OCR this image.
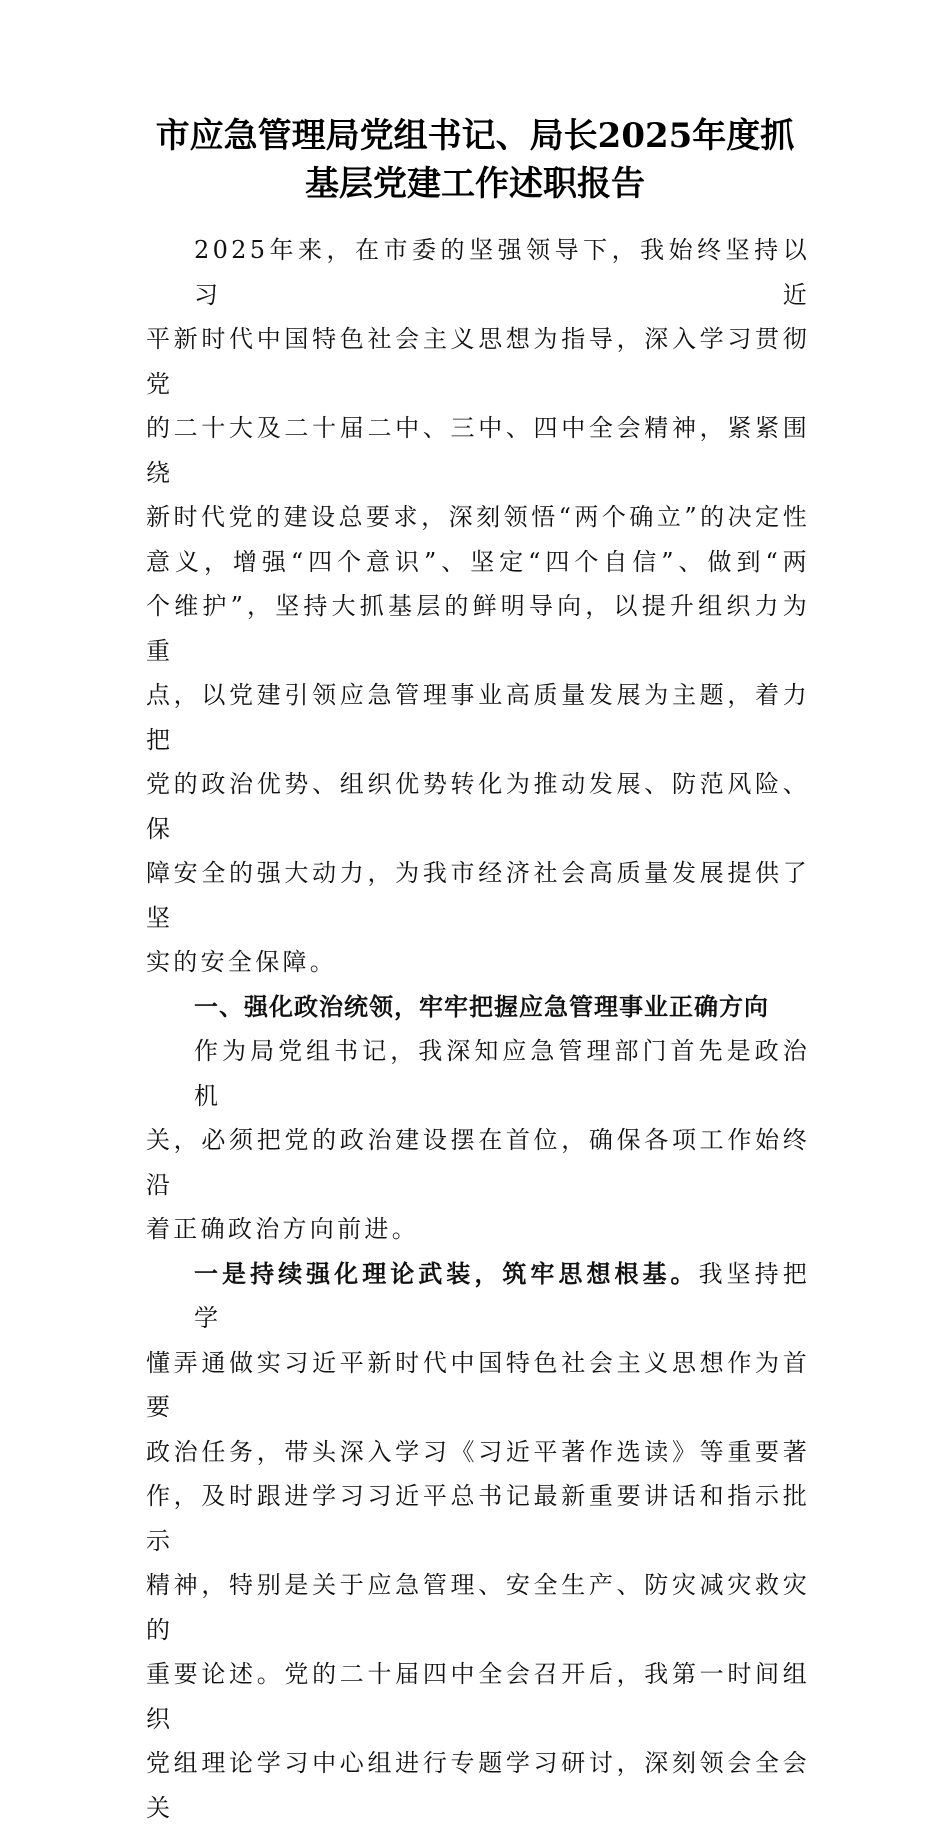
市应急管理局党组书记、局长2025年度抓
基层党建工作述职报告
2025年来，在市委的坚强领导下，我始终坚持以习近
平新时代中国特色社会主义思想为指导，深入学习贯彻党
的二十大及二十届二中、三中、四中全会精神，紧紧围绕
新时代党的建设总要求，深刻领悟“两个确立”的决定性
意义，增强“四个意识”、坚定“四个自信”、做到“两
个维护”，坚持大抓基层的鲜明导向，以提升组织力为重
点，以党建引领应急管理事业高质量发展为主题，着力把
党的政治优势、组织优势转化为推动发展、防范风险、保
障安全的强大动力，为我市经济社会高质量发展提供了坚
实的安全保障。
一、强化政治统领，牢牢把握应急管理事业正确方向
作为局党组书记，我深知应急管理部门首先是政治机
关，必须把党的政治建设摆在首位，确保各项工作始终沿
着正确政治方向前进。
一是持续强化理论武装，筑牢思想根基。我坚持把学
懂弄通做实习近平新时代中国特色社会主义思想作为首要
政治任务，带头深入学习《习近平著作选读》等重要著
作，及时跟进学习习近平总书记最新重要讲话和指示批示
精神，特别是关于应急管理、安全生产、防灾减灾救灾的
重要论述。党的二十届四中全会召开后，我第一时间组织
党组理论学习中心组进行专题学习研讨，深刻领会全会关
